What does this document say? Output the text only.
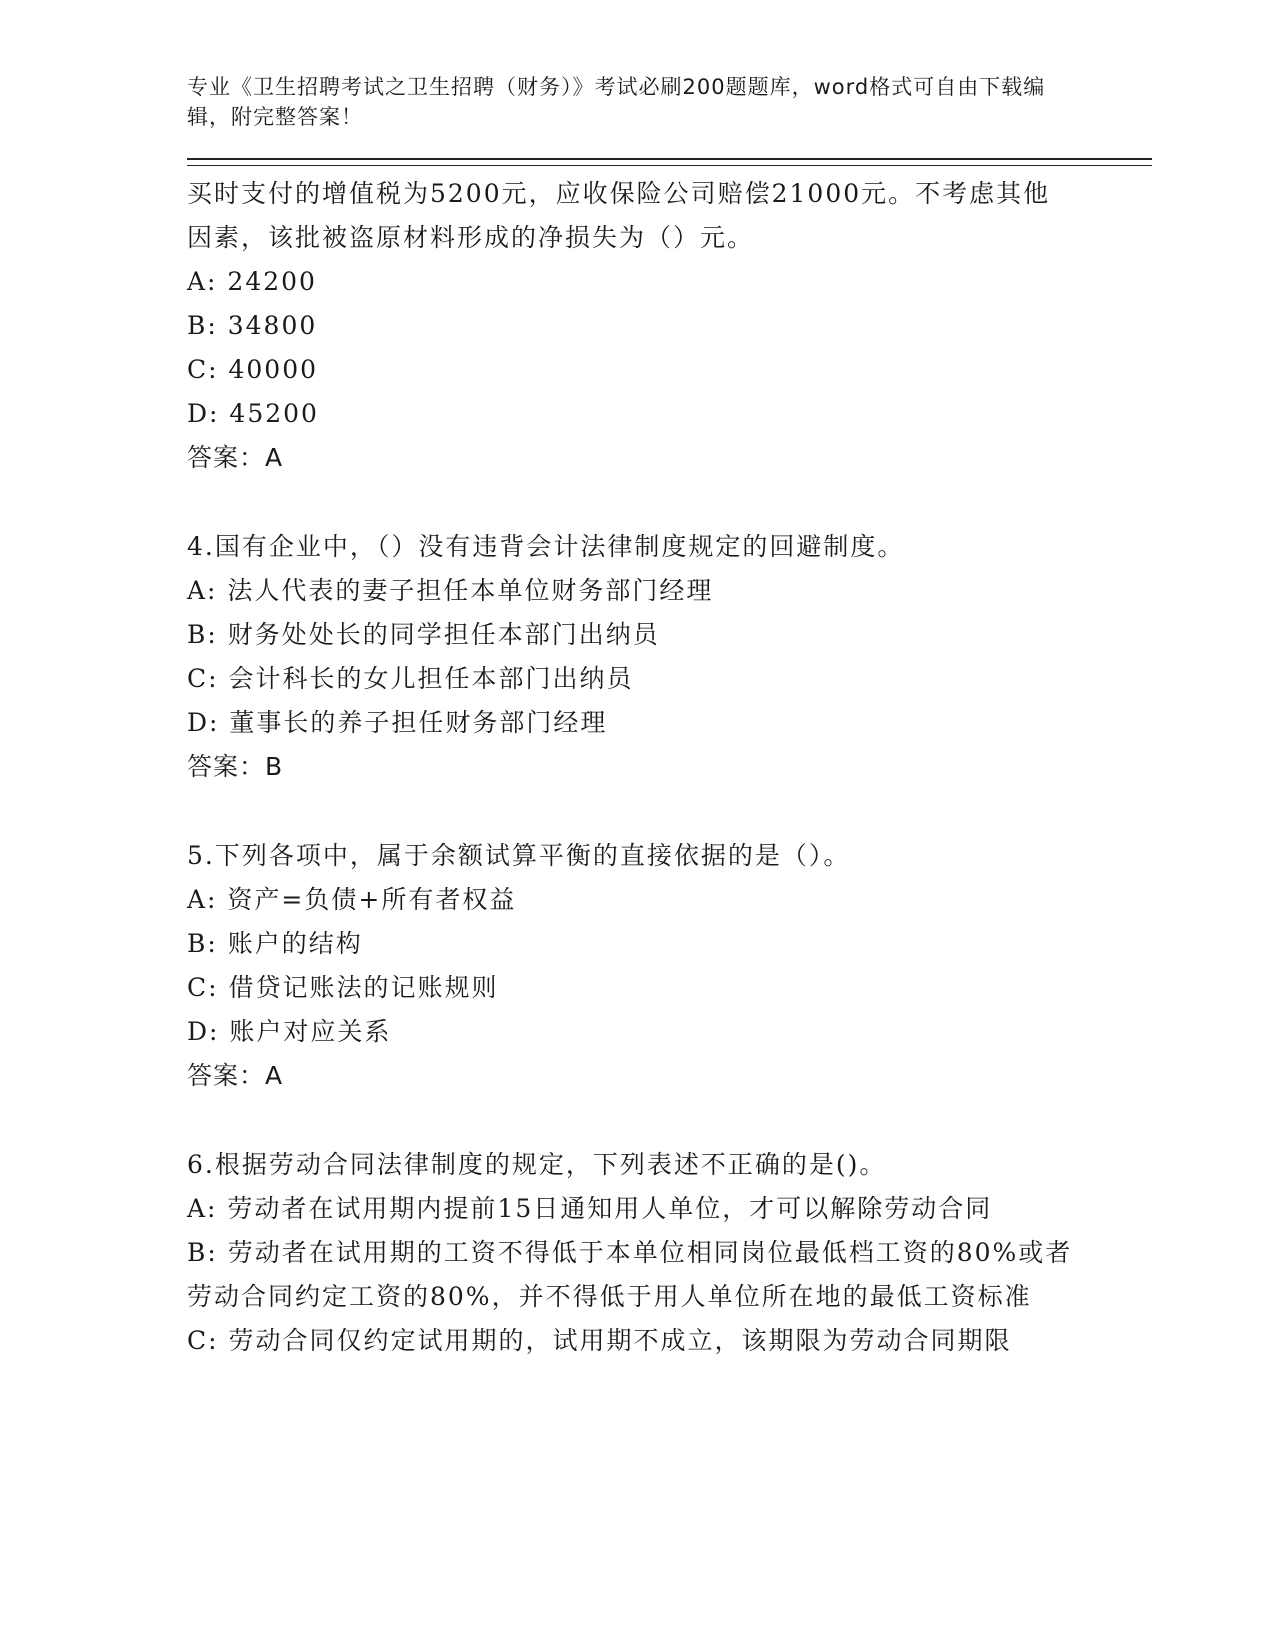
专业《卫生招聘考试之卫生招聘（财务）》考试必刷200题题库，word格式可自由下载编辑，附完整答案！
买时支付的增值税为5200元，应收保险公司赔偿21000元。不考虑其他因素，该批被盗原材料形成的净损失为（）元。
A: 24200
B: 34800
C: 40000
D: 45200
答案：A
4.国有企业中，（）没有违背会计法律制度规定的回避制度。
A: 法人代表的妻子担任本单位财务部门经理
B: 财务处处长的同学担任本部门出纳员
C: 会计科长的女儿担任本部门出纳员
D: 董事长的养子担任财务部门经理
答案：B
5.下列各项中，属于余额试算平衡的直接依据的是（）。
A: 资产=负债+所有者权益
B: 账户的结构
C: 借贷记账法的记账规则
D: 账户对应关系
答案：A
6.根据劳动合同法律制度的规定，下列表述不正确的是()。
A: 劳动者在试用期内提前15日通知用人单位，才可以解除劳动合同
B: 劳动者在试用期的工资不得低于本单位相同岗位最低档工资的80%或者劳动合同约定工资的80%，并不得低于用人单位所在地的最低工资标准
C: 劳动合同仅约定试用期的，试用期不成立，该期限为劳动合同期限
